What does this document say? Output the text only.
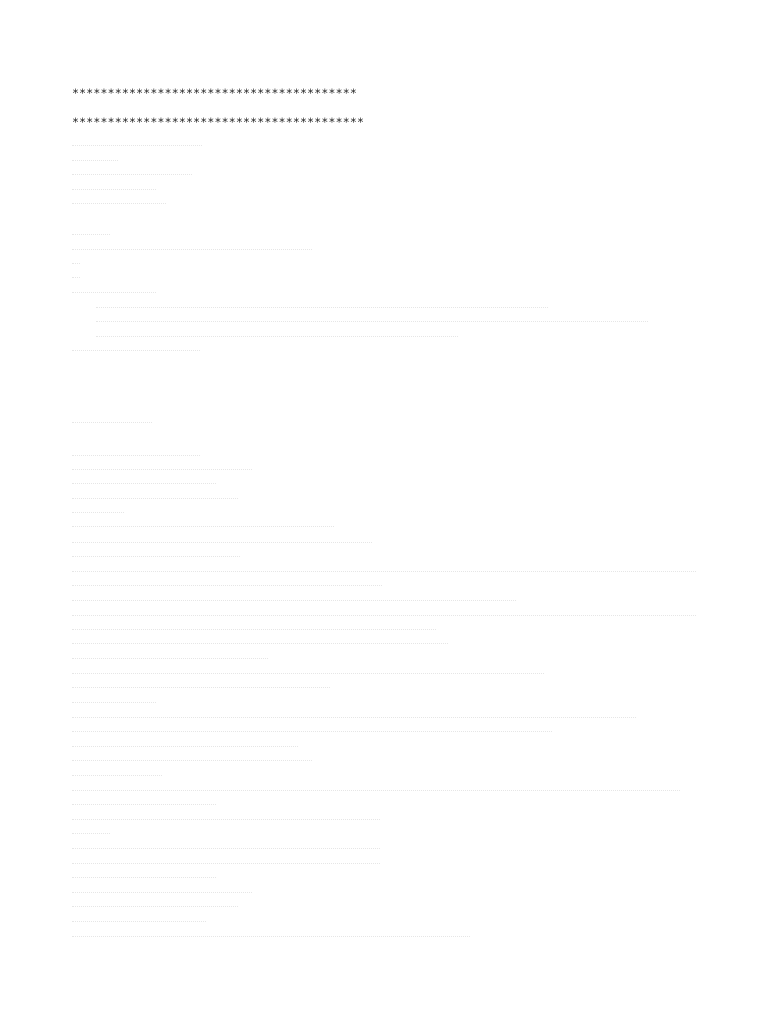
****************************************
*****************************************
